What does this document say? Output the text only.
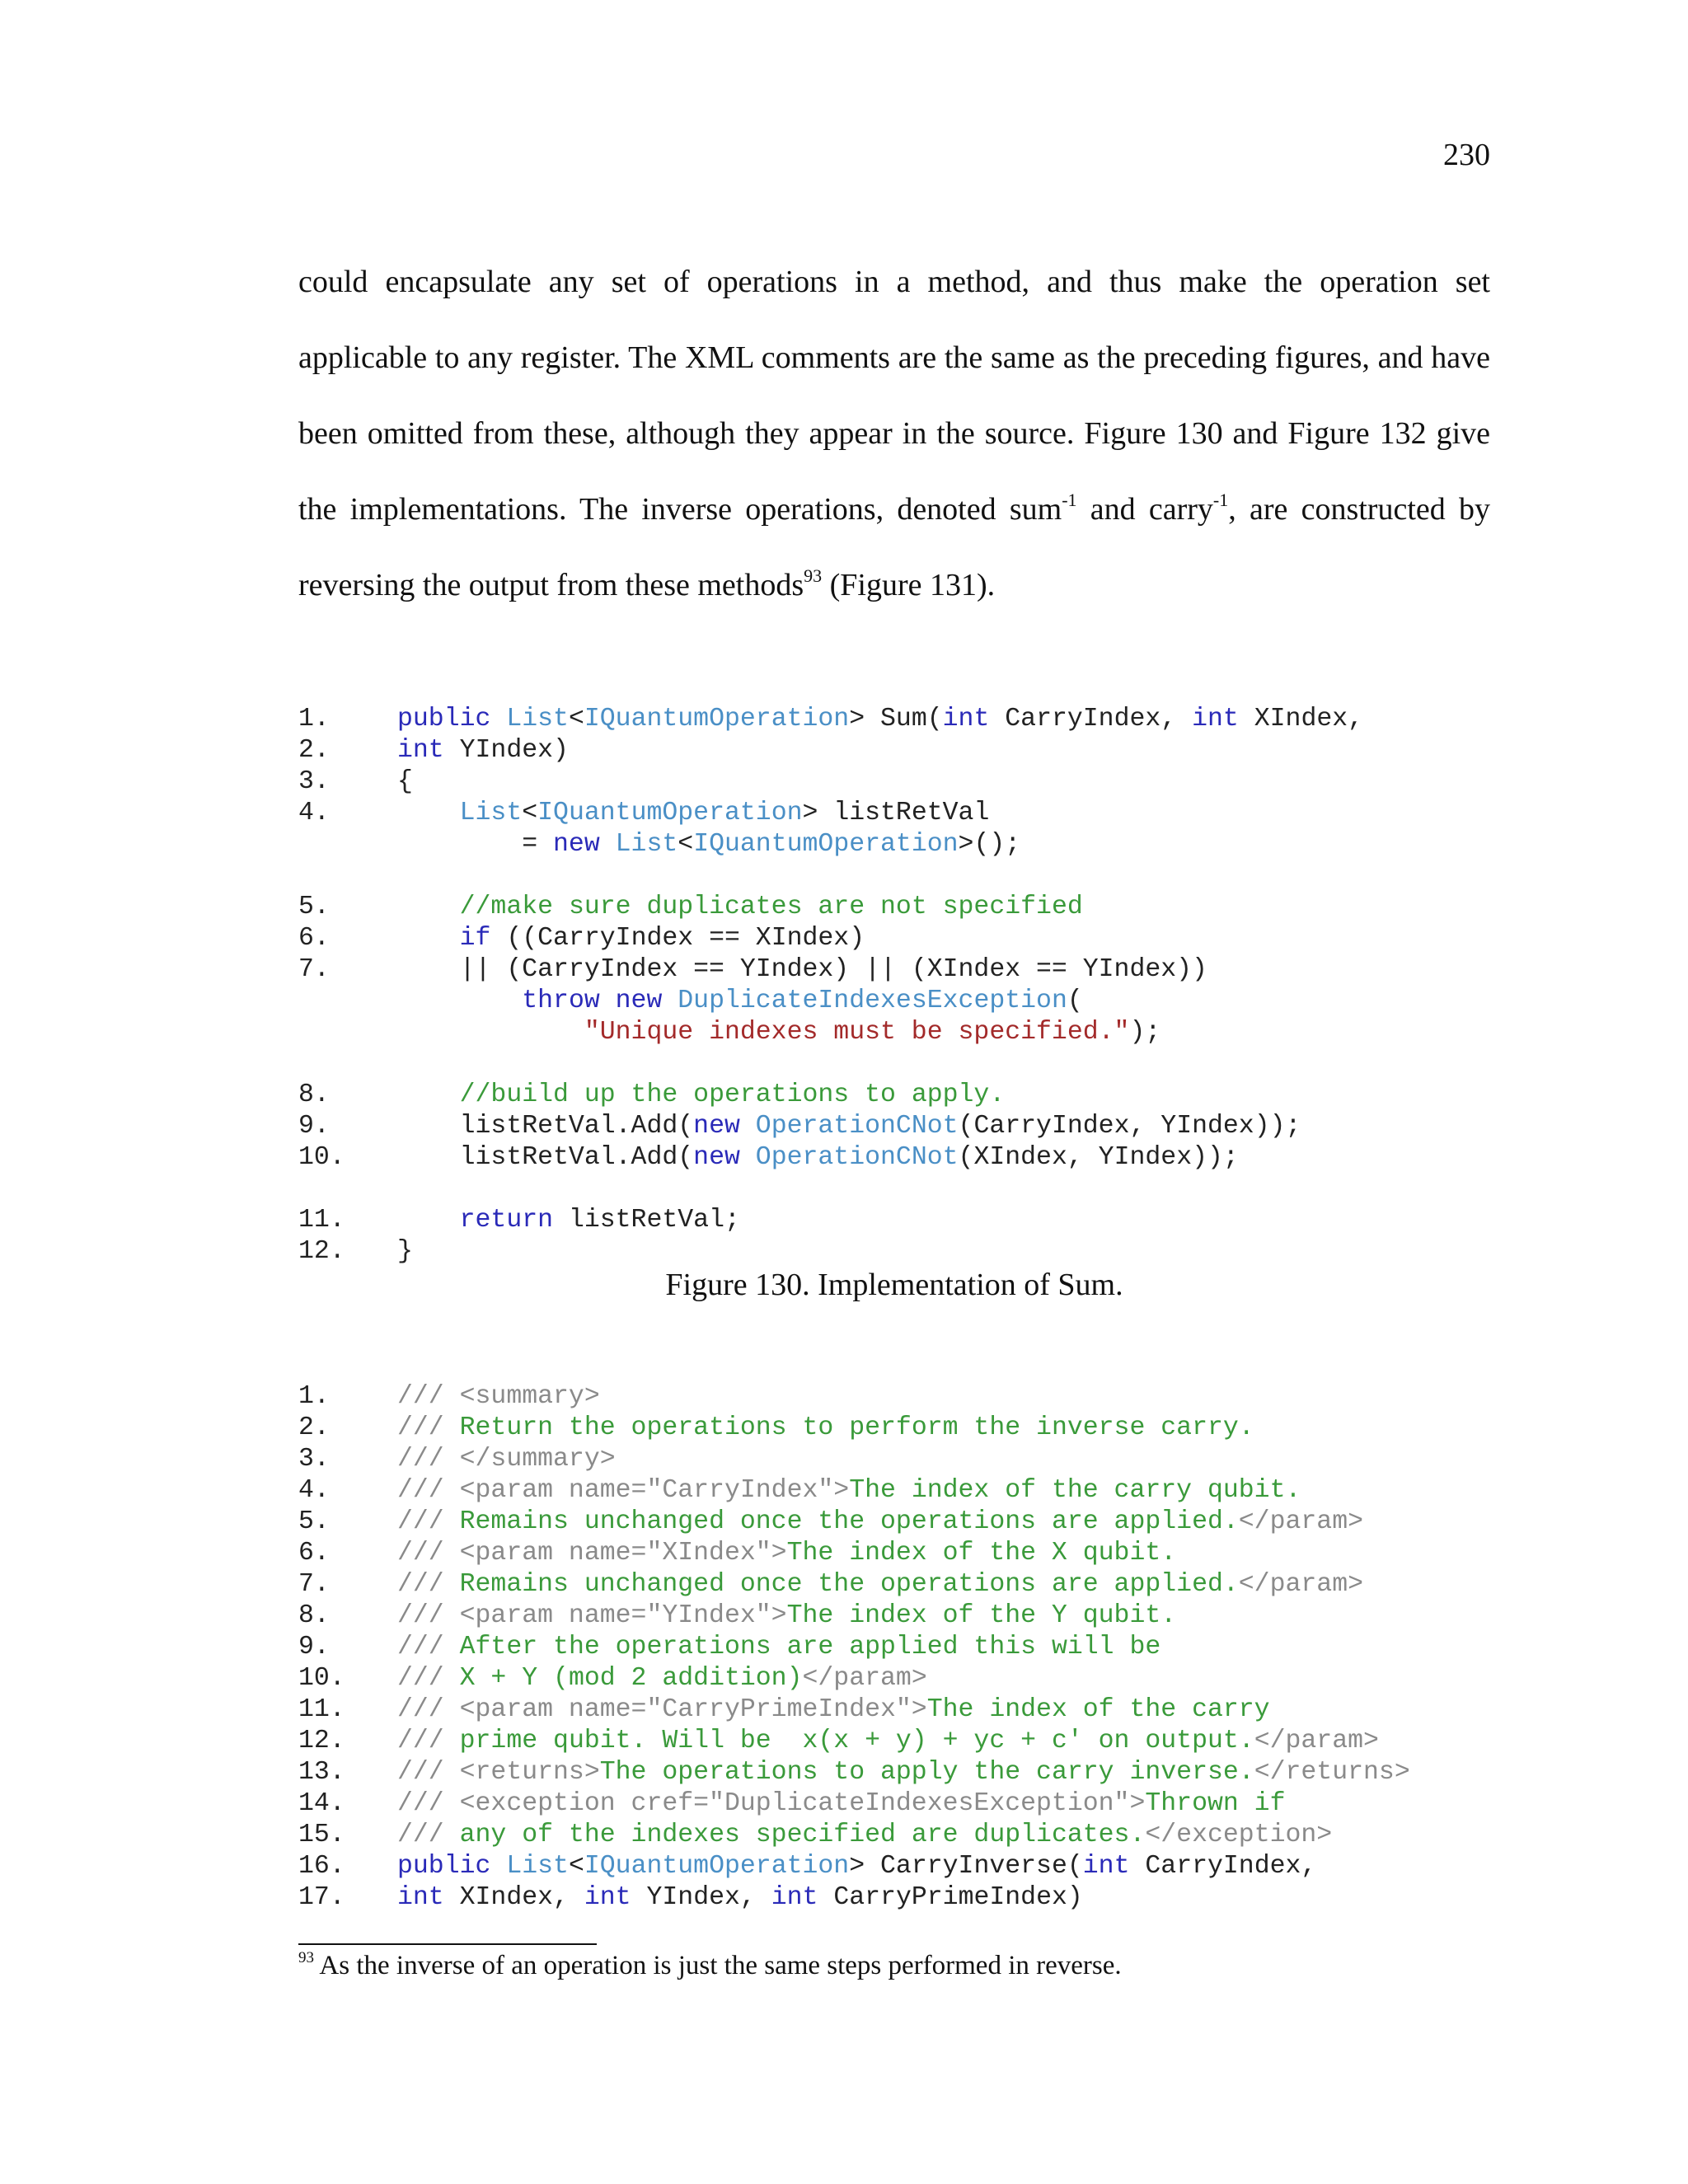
230

could encapsulate any set of operations in a method, and thus make the operation set applicable to any register. The XML comments are the same as the preceding figures, and have been omitted from these, although they appear in the source. Figure 130 and Figure 132 give the implementations. The inverse operations, denoted sum$^{-1}$ and carry$^{-1}$, are constructed by reversing the output from these methods$^{93}$ (Figure 131).

1.	public List<IQuantumOperation> Sum(int CarryIndex, int XIndex,
2.	int YIndex)
3.	{
4.	List<IQuantumOperation> listRetVal
= new List<IQuantumOperation>();
5.	//make sure duplicates are not specified
6.	if ((CarryIndex == XIndex)
7.	|| (CarryIndex == YIndex) || (XIndex == YIndex))
throw new DuplicateIndexesException(
"Unique indexes must be specified.");
8.	//build up the operations to apply.
9.	listRetVal.Add(new OperationCNot(CarryIndex, YIndex));
10.	listRetVal.Add(new OperationCNot(XIndex, YIndex));
11.	return listRetVal;
12.	}
Figure 130. Implementation of Sum.
1.	/// <summary>
2.	/// Return the operations to perform the inverse carry.
3.	/// </summary>
4.	/// <param name="CarryIndex">The index of the carry qubit.
5.	/// Remains unchanged once the operations are applied.</param>
6.	/// <param name="XIndex">The index of the X qubit.
7.	/// Remains unchanged once the operations are applied.</param>
8.	/// <param name="YIndex">The index of the Y qubit.
9.	/// After the operations are applied this will be
10.	/// X + Y (mod 2 addition)</param>
11.	/// <param name="CarryPrimeIndex">The index of the carry
12.	/// prime qubit. Will be  x(x + y) + yc + c' on output.</param>
13.	/// <returns>The operations to apply the carry inverse.</returns>
14.	/// <exception cref="DuplicateIndexesException">Thrown if
15.	/// any of the indexes specified are duplicates.</exception>
16.	public List<IQuantumOperation> CarryInverse(int CarryIndex,
17.	int XIndex, int YIndex, int CarryPrimeIndex)
$^{93}$ As the inverse of an operation is just the same steps performed in reverse.
